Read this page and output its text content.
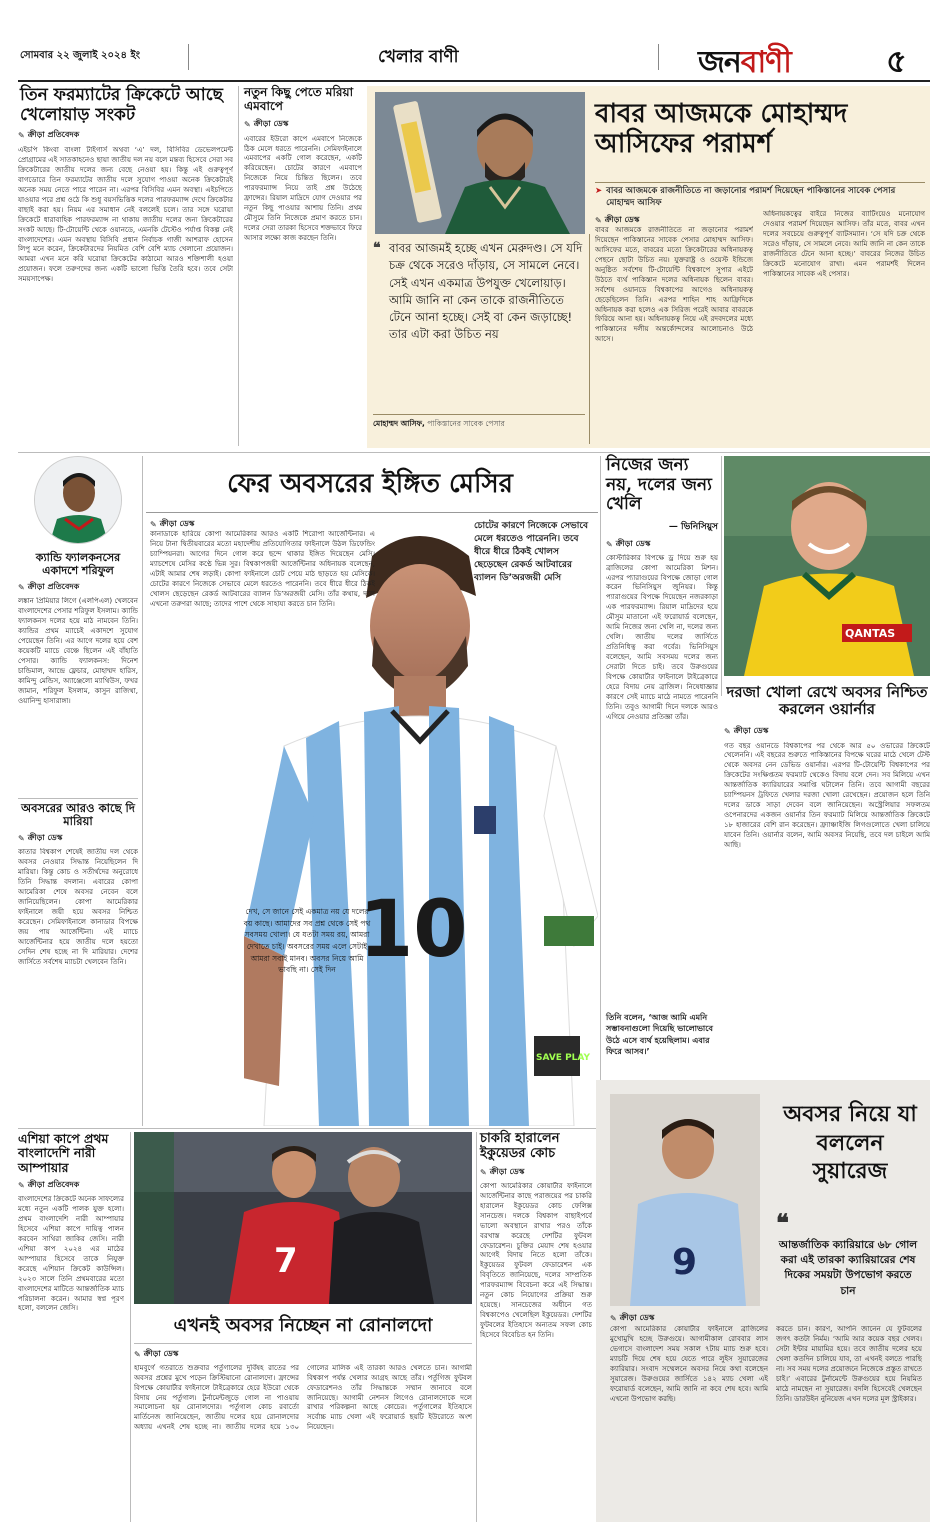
সোমবার ২২ জুলাই ২০২৪ ইং	খেলার বাণী	জনবাণী	৫
তিন ফরম্যাটের ক্রিকেটে আছে খেলোয়াড় সংকট
✎ ক্রীড়া প্রতিবেদক
এইচপি কিংবা বাংলা টাইগার্স অথবা ‘এ’ দল, বিসিবির ডেভেলপমেন্ট প্রোগ্রামের এই সাতকাহনেও ছায়া জাতীয় দল নয় বলে মন্তব্য হিসেবে সেরা সব ক্রিকেটারের জাতীয় দলের জন্য বেছে নেওয়া হয়। কিন্তু এই গুরুত্বপূর্ণ বাগডোরে তিন ফরম্যাটের জাতীয় দলে সুযোগ পাওয়া অনেক ক্রিকেটারই অনেক সময় নেতে পারে পারেন না। এরপর বিসিবির এমন অবস্থা। এইচপিতে যাওয়ার পরে প্রশ্ন ওঠে কি শুধু বয়সভিত্তিক দলের পারফরম্যান্স দেখে ক্রিকেটার বাছাই করা হয়। নিয়ম এর সমাধান নেই বললেই চলে। তার সঙ্গে ঘরোয়া ক্রিকেটে ধারাবাহিক পারফরম্যান্স না থাকায় জাতীয় দলের জন্য ক্রিকেটারের সংকট আছে। টি-টোয়েন্টি থেকে ওয়ানডে, এমনকি টেস্টেও পর্যাপ্ত বিকল্প নেই বাংলাদেশের। এমন অবস্থায় বিসিবি প্রধান নির্বাচক গাজী আশরাফ হোসেন লিপু মনে করেন, ক্রিকেটারদের নিয়মিত বেশি বেশি ম্যাচ খেলানো প্রয়োজন। আমরা এখন মনে করি ঘরোয়া ক্রিকেটের কাঠামো আরও শক্তিশালী হওয়া প্রয়োজন। ফলে তরুণদের জন্য একটি ভালো ভিত্তি তৈরি হবে। তবে সেটা সময়সাপেক্ষ।
নতুন কিছু পেতে মরিয়া এমবাপে
✎ ক্রীড়া ডেস্ক
এবারের ইউরো কাপে এমবাপে নিজেকে ঠিক মেলে ধরতে পারেননি। সেমিফাইনালে এমবাপের একটি গোল করেছেন, একটি করিয়েছেন। চোটের কারণে এমবাপে নিজেকে নিয়ে চিন্তিত ছিলেন। তবে পারফরম্যান্স নিয়ে তাই প্রশ্ন উঠেছে ফ্রান্সের। রিয়াল মাদ্রিদে যোগ দেওয়ার পর নতুন কিছু পাওয়ার আশায় তিনি। প্রথম মৌসুমে তিনি নিজেকে প্রমাণ করতে চান। দলের সেরা তারকা হিসেবে শক্তভাবে ফিরে আসার লক্ষ্যে কাজ করছেন তিনি।
বাবর আজমকে মোহাম্মদ আসিফের পরামর্শ
➤ বাবর আজমকে রাজনীতিতে না জড়ানোর পরামর্শ দিয়েছেন পাকিস্তানের সাবেক পেসার মোহাম্মদ আসিফ
❝ বাবর আজমই হচ্ছে এখন মেরুদণ্ড। সে যদি চক্র থেকে সরেও দাঁড়ায়, সে সামলে নেবে। সেই এখন একমাত্র উপযুক্ত খেলোয়াড়। আমি জানি না কেন তাকে রাজনীতিতে টেনে আনা হচ্ছে। সেই বা কেন জড়াচ্ছে! তার এটা করা উচিত নয়
মোহাম্মদ আসিফ, পাকিস্তানের সাবেক পেসার
✎ ক্রীড়া ডেস্ক
বাবর আজমকে রাজনীতিতে না জড়ানোর পরামর্শ দিয়েছেন পাকিস্তানের সাবেক পেসার মোহাম্মদ আসিফ। আসিফের মতে, বাবরের মতো ক্রিকেটারের অধিনায়কত্ব পেছনে ছোটা উচিত নয়। যুক্তরাষ্ট্র ও ওয়েস্ট ইন্ডিজে অনুষ্ঠিত সর্বশেষ টি-টোয়েন্টি বিশ্বকাপে সুপার এইটে উঠতে ব্যর্থ পাকিস্তান দলের অধিনায়ক ছিলেন বাবর। সর্বশেষ ওয়ানডে বিশ্বকাপের আগেও অধিনায়কত্ব ছেড়েছিলেন তিনি। এরপর শাহিন শাহ আফ্রিদিকে অধিনায়ক করা হলেও এক সিরিজ পরেই আবার বাবরকে ফিরিয়ে আনা হয়। অধিনায়কত্ব নিয়ে এই রদবদলের মধ্যে পাকিস্তানের দলীয় অন্তর্কোন্দলের আলোচনাও উঠে আসে।
অধিনায়কত্বের বাইরে নিজের ব্যাটিংয়েও মনোযোগ দেওয়ার পরামর্শ দিয়েছেন আসিফ। তাঁর মতে, বাবর এখন দলের সবচেয়ে গুরুত্বপূর্ণ ব্যাটসম্যান। ‘সে যদি চক্র থেকে সরেও দাঁড়ায়, সে সামলে নেবে। আমি জানি না কেন তাকে রাজনীতিতে টেনে আনা হচ্ছে।’ বাবরের নিজের উচিত ক্রিকেটে মনোযোগ রাখা। এমন পরামর্শই দিলেন পাকিস্তানের সাবেক এই পেসার।
ক্যান্ডি ফ্যালকনসের একাদশে শরিফুল
✎ ক্রীড়া প্রতিবেদক
লঙ্কান প্রিমিয়ার লিগে (এলপিএল) খেলবেন বাংলাদেশের পেসার শরিফুল ইসলাম। ক্যান্ডি ফ্যালকনস দলের হয়ে মাঠ নামবেন তিনি। ক্যান্ডির প্রথম ম্যাচেই একাদশে সুযোগ পেয়েছেন তিনি। এর আগে দলের হয়ে বেশ কয়েকটি ম্যাচে বেঞ্চে ছিলেন এই বাঁহাতি পেসার। ক্যান্ডি ফ্যালকনস: দিনেশ চান্ডিমাল, আন্দ্রে ফ্লেচার, মোহাম্মদ হারিস, কামিন্দু মেন্ডিস, অ্যাঞ্জেলো ম্যাথিউস, ফখর জামান, শরিফুল ইসলাম, কাসুন রাজিথা, ওয়ানিন্দু হাসারাঙ্গা।
অবসরের আরও কাছে দি মারিয়া
✎ ক্রীড়া ডেস্ক
কাতার বিশ্বকাপ শেষেই জাতীয় দল থেকে অবসর নেওয়ার সিদ্ধান্ত নিয়েছিলেন দি মারিয়া। কিন্তু কোচ ও সতীর্থদের অনুরোধে তিনি সিদ্ধান্ত বদলান। এবারের কোপা আমেরিকা শেষে অবসর নেবেন বলে জানিয়েছিলেন। কোপা আমেরিকার ফাইনালে জয়ী হয়ে অবসর নিশ্চিত করেছেন। সেমিফাইনালে কানাডার বিপক্ষে জয় পায় আর্জেন্টিনা। এই ম্যাচে আর্জেন্টিনার হয়ে জাতীয় দলে হয়তো সেদিন শেষ হচ্ছে না দি মারিয়ার। দেশের জার্সিতে সর্বশেষ ম্যাচটা খেলবেন তিনি।
ফের অবসরের ইঙ্গিত মেসির
10
SAVE PLAY
✎ ক্রীড়া ডেস্ক
কানাডাকে হারিয়ে কোপা আমেরিকার আরও একটি শিরোপা আর্জেন্টিনার। এ নিয়ে টানা দ্বিতীয়বারের মতো মহাদেশীয় প্রতিযোগিতার ফাইনালে উঠল ডিফেন্ডিং চ্যাম্পিয়নরা। আগের দিনে গোল করে ছন্দে থাকার ইঙ্গিত দিয়েছেন মেসি। ম্যাচশেষে মেসির কণ্ঠে ভিন্ন সুর। বিশ্বকাপজয়ী আর্জেন্টিনার অধিনায়ক বলেছেন, এটাই আমার শেষ লড়াই। কোপা ফাইনালে চোট পেয়ে মাঠ ছাড়তে হয় মেসিকে। চোটের কারণে নিজেকে সেভাবে মেলে ধরতেও পারেননি। তবে ধীরে ধীরে ঠিকই খোলস ছেড়েছেন রেকর্ড আটবারের ব্যালন ডি’অরজয়ী মেসি। তাঁর কথায়, দলে এখনো তরুণরা আছে; তাদের পাশে থেকে সাহায্য করতে চান তিনি।
চোটের কারণে নিজেকে সেভাবে মেলে ধরতেও পারেননি। তবে ধীরে ধীরে ঠিকই খোলস ছেড়েছেন রেকর্ড আটবারের ব্যালন ডি’অরজয়ী মেসি
দেখ, সে জানে সেই একমাত্র নয় যে দলের বয় কাছে। আমাদের সব প্রশ্ন থেকে সেই পথ সবসময় খোলা। যে যতটা সময় রয়, আমরা দেখাতে চাই। অবসরের সময় এলে সেটাই আমরা সবাই মানব। অবসর নিয়ে আমি ভাবছি না। সেই দিন
নিজের জন্য নয়, দলের জন্য খেলি
— ভিনিসিয়ুস
✎ ক্রীড়া ডেস্ক
কোস্টারিকার বিপক্ষে ড্র দিয়ে শুরু হয় ব্রাজিলের কোপা আমেরিকা মিশন। এরপর প্যারাগুয়ের বিপক্ষে জোড়া গোল করেন ভিনিসিয়ুস জুনিয়র। কিন্তু প্যারাগুয়ের বিপক্ষে দিয়েছেন নজরকাড়া এক পারফরম্যান্স। রিয়াল মাদ্রিদের হয়ে মৌসুম মাতানো এই ফরোয়ার্ড বলেছেন, আমি নিজের জন্য খেলি না, দলের জন্য খেলি। জাতীয় দলের জার্সিতে প্রতিনিধিত্ব করা গর্বের। ভিনিসিয়ুস বলেছেন, আমি সবসময় দলের জন্য সেরাটা দিতে চাই। তবে উরুগুয়ের বিপক্ষে কোয়ার্টার ফাইনালে টাইব্রেকারে হেরে বিদায় নেয় ব্রাজিল। নিষেধাজ্ঞার কারণে সেই ম্যাচে মাঠে নামতে পারেননি তিনি। তবুও আগামী দিনে দলকে আরও এগিয়ে নেওয়ার প্রতিজ্ঞা তাঁর।
তিনি বলেন, ‘আজ আমি এমনি সম্ভাবনাগুলো দিয়েছি ভালোভাবে উঠে এসে ব্যর্থ হয়েছিলাম। এবার ফিরে আসব।’
QANTAS
দরজা খোলা রেখে অবসর নিশ্চিত করলেন ওয়ার্নার
✎ ক্রীড়া ডেস্ক
গত বছর ওয়ানডে বিশ্বকাপের পর থেকে আর ৫০ ওভারের ক্রিকেটে খেলেননি। এই বছরের শুরুতে পাকিস্তানের বিপক্ষে ঘরের মাঠে খেলে টেস্ট থেকে অবসর নেন ডেভিড ওয়ার্নার। এরপর টি-টোয়েন্টি বিশ্বকাপের পর ক্রিকেটের সংক্ষিপ্ততম ফরম্যাট থেকেও বিদায় বলে দেন। সব মিলিয়ে এখন আন্তর্জাতিক ক্যারিয়ারের সমাপ্তি ঘটালেন তিনি। তবে আগামী বছরের চ্যাম্পিয়নস ট্রফিতে খেলার দরজা খোলা রেখেছেন। প্রয়োজন হলে তিনি দলের ডাকে সাড়া দেবেন বলে জানিয়েছেন। অস্ট্রেলিয়ার সফলতম ওপেনারদের একজন ওয়ার্নার তিন ফরম্যাট মিলিয়ে আন্তর্জাতিক ক্রিকেটে ১৮ হাজারের বেশি রান করেছেন। ফ্র্যাঞ্চাইজি লিগগুলোতে খেলা চালিয়ে যাবেন তিনি। ওয়ার্নার বলেন, আমি অবসর নিয়েছি, তবে দল চাইলে আমি আছি।
এশিয়া কাপে প্রথম বাংলাদেশি নারী আম্পায়ার
✎ ক্রীড়া প্রতিবেদক
বাংলাদেশের ক্রিকেটে অনেক সাফল্যের মধ্যে নতুন একটি পালক যুক্ত হলো। প্রথম বাংলাদেশি নারী আম্পায়ার হিসেবে এশিয়া কাপে দায়িত্ব পালন করবেন সাথিরা জাকির জেসি। নারী এশিয়া কাপ ২০২৪ এর মাঠের আম্পায়ার হিসেবে তাকে নিযুক্ত করেছে এশিয়ান ক্রিকেট কাউন্সিল। ২০২৩ সালে তিনি প্রথমবারের মতো বাংলাদেশের মাটিতে আন্তর্জাতিক ম্যাচ পরিচালনা করেন। আমার স্বপ্ন পূরণ হলো, বললেন জেসি।
7
এখনই অবসর নিচ্ছেন না রোনালদো
✎ ক্রীড়া ডেস্ক
হামবুর্গে গতরাতে শুক্রবার পর্তুগালের দুর্বিষহ রাতের পর অবসর প্রশ্নের মুখে পড়েন ক্রিস্টিয়ানো রোনালদো। ফ্রান্সের বিপক্ষে কোয়ার্টার ফাইনালে টাইব্রেকারে হেরে ইউরো থেকে বিদায় নেয় পর্তুগাল। টুর্নামেন্টজুড়ে গোল না পাওয়ায় সমালোচনা হয় রোনালদোর। পর্তুগাল কোচ রবার্তো মার্তিনেজ জানিয়েছেন, জাতীয় দলের হয়ে রোনালদোর অধ্যায় এখনই শেষ হচ্ছে না। জাতীয় দলের হয়ে ১৩০ গোলের মালিক এই তারকা আরও খেলতে চান। আগামী বিশ্বকাপ পর্যন্ত খেলার আগ্রহ আছে তাঁর। পর্তুগিজ ফুটবল ফেডারেশনও তাঁর সিদ্ধান্তকে সম্মান জানাবে বলে জানিয়েছে। আগামী নেশনস লিগেও রোনালদোকে দলে রাখার পরিকল্পনা আছে কোচের। পর্তুগালের ইতিহাসে সর্বোচ্চ ম্যাচ খেলা এই ফরোয়ার্ড ছয়টি ইউরোতে অংশ নিয়েছেন।
চাকরি হারালেন ইকুয়েডর কোচ
✎ ক্রীড়া ডেস্ক
কোপা আমেরিকার কোয়ার্টার ফাইনালে আর্জেন্টিনার কাছে পরাজয়ের পর চাকরি হারালেন ইকুয়েডর কোচ ফেলিক্স সানচেজ। দলকে বিশ্বকাপ বাছাইপর্বে ভালো অবস্থানে রাখার পরও তাঁকে বরখাস্ত করেছে দেশটির ফুটবল ফেডারেশন। চুক্তির মেয়াদ শেষ হওয়ার আগেই বিদায় নিতে হলো তাঁকে। ইকুয়েডর ফুটবল ফেডারেশন এক বিবৃতিতে জানিয়েছে, দলের সাম্প্রতিক পারফরম্যান্স বিবেচনা করে এই সিদ্ধান্ত। নতুন কোচ নিয়োগের প্রক্রিয়া শুরু হয়েছে। সানচেজের অধীনে গত বিশ্বকাপেও খেলেছিল ইকুয়েডর। দেশটির ফুটবলের ইতিহাসে অন্যতম সফল কোচ হিসেবে বিবেচিত হন তিনি।
9
অবসর নিয়ে যা বললেন সুয়ারেজ
❝
আন্তর্জাতিক ক্যারিয়ারে ৬৮ গোল করা এই তারকা ক্যারিয়ারের শেষ দিকের সময়টা উপভোগ করতে চান
✎ ক্রীড়া ডেস্ক
কোপা আমেরিকার কোয়ার্টার ফাইনালে ব্রাজিলের মুখোমুখি হচ্ছে উরুগুয়ে। আগামীকাল রোববার লাস ভেগাসে বাংলাদেশ সময় সকাল ৭টায় ম্যাচ শুরু হবে। ম্যাচটি দিয়ে শেষ হয়ে যেতে পারে লুইস সুয়ারেজের ক্যারিয়ার। সংবাদ সম্মেলনে অবসর নিয়ে কথা বলেছেন সুয়ারেজ। উরুগুয়ের জার্সিতে ১৪২ ম্যাচ খেলা এই ফরোয়ার্ড বলেছেন, আমি জানি না কবে শেষ হবে। আমি এখনো উপভোগ করছি।
করতে চান। কারণ, আপনি জানেন যে ফুটবলের জগৎ কতটা নির্মম। ‘আমি আর কয়েক বছর খেলব। সেটা ইন্টার মায়ামির হয়ে। তবে জাতীয় দলের হয়ে খেলা কতদিন চালিয়ে যাব, তা এখনই বলতে পারছি না। সব সময় দলের প্রয়োজনে নিজেকে প্রস্তুত রাখতে চাই।’ এবারের টুর্নামেন্টে উরুগুয়ের হয়ে নিয়মিত মাঠে নামছেন না সুয়ারেজ। বদলি হিসেবেই খেলছেন তিনি। ডারউইন নুনিয়েজ এখন দলের মূল স্ট্রাইকার।
